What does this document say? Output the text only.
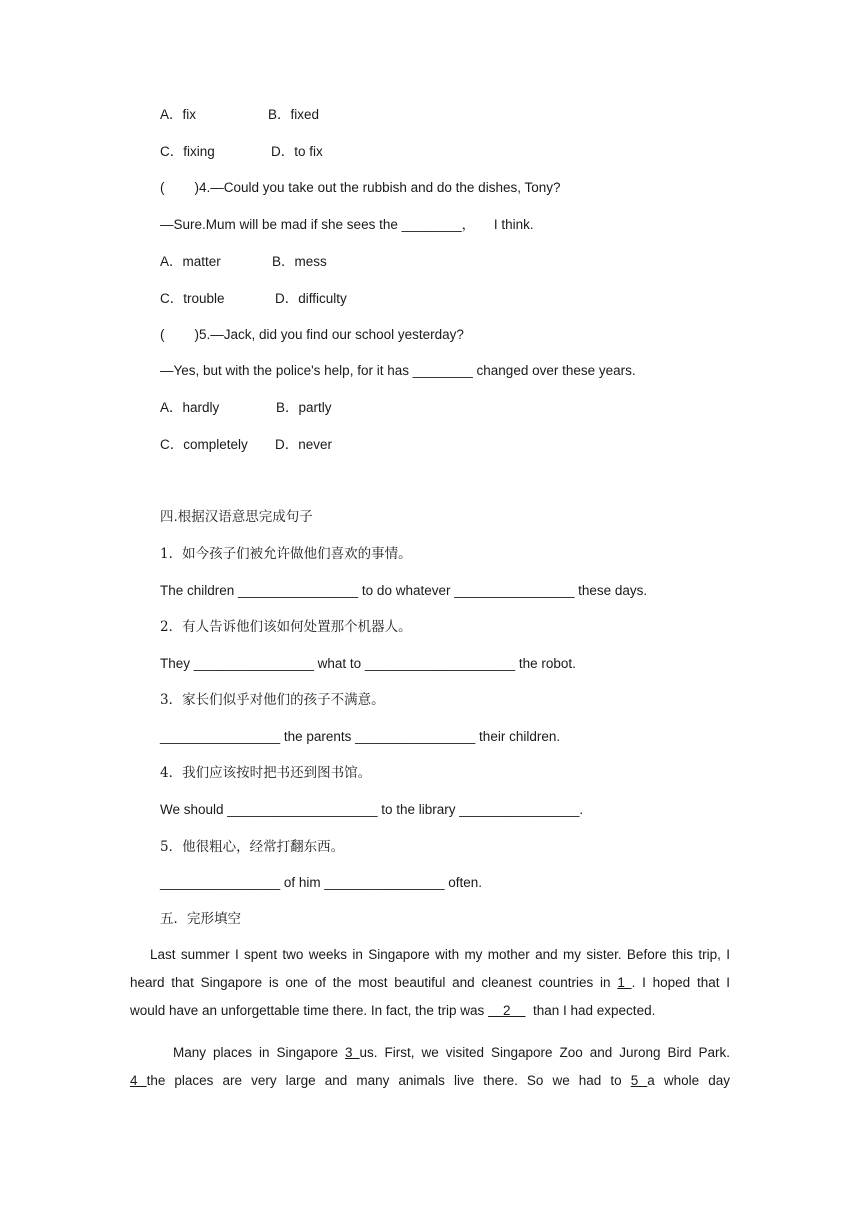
A．fix	B．fixed
C．fixing	D．to fix
(        )4.—Could you take out the rubbish and do the dishes, Tony?
—Sure.Mum will be mad if she sees the ________，     I think.
A．matter	B．mess
C．trouble	D．difficulty
(        )5.—Jack, did you find our school yesterday?
—Yes, but with the police's help, for it has ________ changed over these years.
A．hardly	B．partly
C．completely D．never
四.根据汉语意思完成句子
1．如今孩子们被允许做他们喜欢的事情。
The children ________________ to do whatever ________________ these days.
2．有人告诉他们该如何处置那个机器人。
They ________________ what to ____________________ the robot.
3．家长们似乎对他们的孩子不满意。
________________ the parents ________________ their children.
4．我们应该按时把书还到图书馆。
We should ____________________ to the library ________________.
5．他很粗心，经常打翻东西。
________________ of him ________________ often.
五．完形填空
Last summer I spent two weeks in Singapore with my mother and my sister. Before this trip, I
heard that Singapore is one of the most beautiful and cleanest countries in 1 . I hoped that I
would have an unforgettable time there. In fact, the trip was     2      than I had expected.
Many places in Singapore 3 us. First, we visited Singapore Zoo and Jurong Bird Park.
4 the places are very large and many animals live there. So we had to 5 a whole day
